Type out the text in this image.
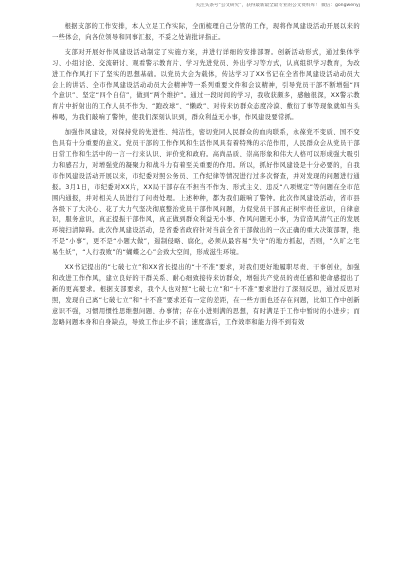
关注头条号“公文研究”，获得最新最全最专业的公文资料库！ 微信：gongwenyj

根据支部的工作安排，本人立足工作实际，全面梳理自己分管的工作，现将作风建设活动开展以来的一些体会，向各位领导和同事汇报，不妥之处请批评指正。

支部对开展好作风建设活动制定了实施方案，并进行详细的安排部署。创新活动形式，通过集体学习、小组讨论、交流研讨、观看警示教育片、学习先进党员、外出学习等方式，认真组织学习教育，为改进工作作风打下了坚实的思想基础。以党员大会为载体，传达学习了XX书记在全省作风建设活动动员大会上的讲话、全市作风建设活动动员大会精神等一系列重要文件和会议精神，引导党员干部不断增强“四个意识”、坚定“四个自信”，做到“两个维护”。通过一段时间的学习，我收获颇多，感触很深，XX警示教育片中折射出的工作人员不作为、“跑改球”、“懒政”、对待来访群众态度冷漠、敷衍了事等现象就如当头棒喝，为我们敲响了警钟，使我们深刻认识到，群众利益无小事，作风建设要常抓。

加强作风建设，对保持党的先进性、纯洁性，密切党同人民群众的血肉联系，永葆党不变质、国不变色具有十分重要的意义。党员干部的工作作风和生活作风具有着特殊的示范作用，人民群众会从党员干部日常工作和生活中的一言一行来认识、评价党和政府。高尚品质、崇高形象和伟大人格可以形成强大吸引力和感召力，对增强党的凝聚力和战斗力有着至关重要的作用。所以，抓好作风建设是十分必要的，自我市作风建设活动开展以来，市纪委对照公务员、工作纪律等情况进行过多次督查，并对发现的问题进行通报。3月1日，市纪委对XX片，XX局干部存在不担当不作为、形式主义、违反“八项规定”等问题在全市范围内通报，并对相关人员进行了问责处理。上述种种，都为我们敲响了警钟。此次作风建设活动，省市县各级下了大决心、花了大力气坚决彻底整治党员干部作风问题，力促党员干部真正树牢责任意识，自律意识，服务意识，真正提振干部作风，真正做到群众利益无小事、作风问题无小事，为营造风清气正的发展环境扫清障碍。此次作风建设活动，是省委省政府针对当前全省干部做出的一次正确的重大决策部署，绝不是“小事”，更不是“小题大做”，遏制侵略、腐化，必须从最容易“失守”的地方抓起，否则，“久旷之宅易生妖”，“人行我败”的“蝴蝶之心”会致大空间，形成滋生环境。

XX书记提出的“七破七立”和XX省长提出的“十不准”要求，对我们更好地履职尽责、干事创业，加强和改进工作作风，建立良好的干群关系、耐心细致接待来访群众，增强共产党员的责任感和使命感提出了新的更高要求。根据支部要求，我个人也对照“七破七立”和“十不准”要求进行了深刻反思，通过反思对照，发现自己离“七破七立”和“十不准”要求还有一定的差距，在一些方面也还存在问题，比如工作中创新意识不强，习惯用惯性思维想问题、办事情；存在小进则满的思想，有时满足于工作中暂时的小进步；而忽略问题本身和自身缺点，导致工作止步不前；速度落后，工作效率和能力得不到有效
